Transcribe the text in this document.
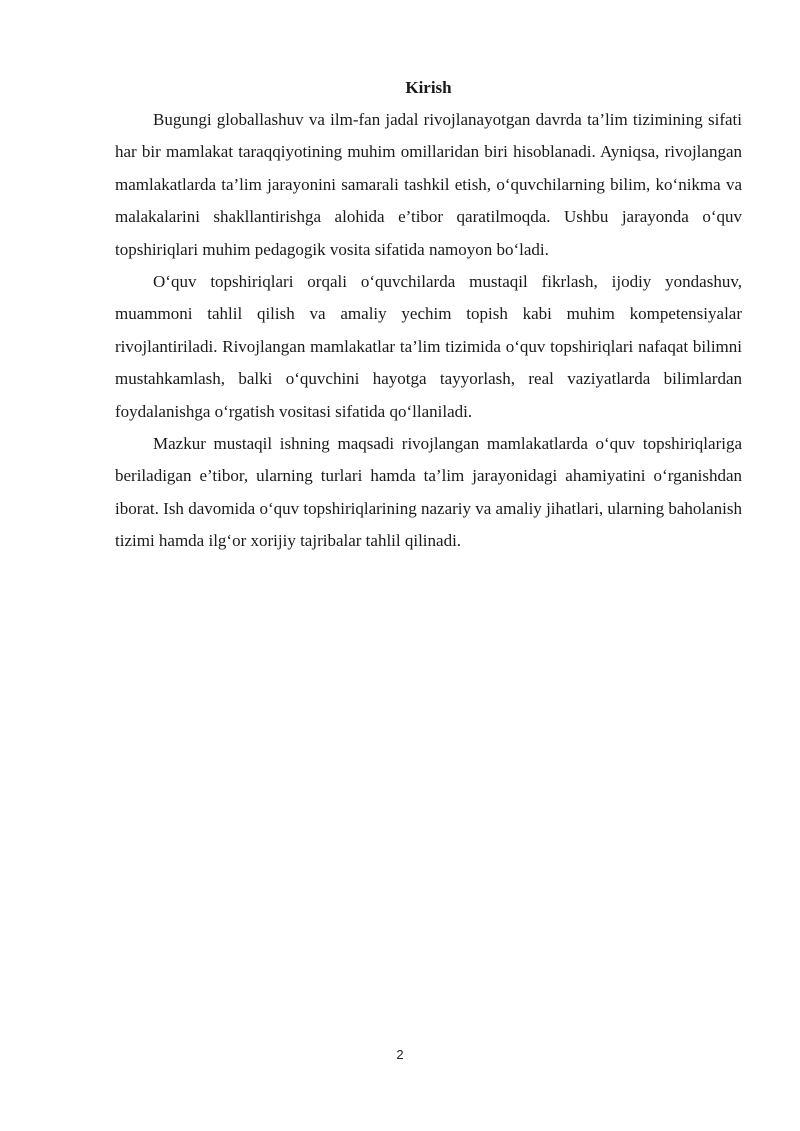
Kirish

Bugungi globallashuv va ilm-fan jadal rivojlanayotgan davrda ta’lim tizimining sifati har bir mamlakat taraqqiyotining muhim omillaridan biri hisoblanadi. Ayniqsa, rivojlangan mamlakatlarda ta’lim jarayonini samarali tashkil etish, o‘quvchilarning bilim, ko‘nikma va malakalarini shakllantirishga alohida e’tibor qaratilmoqda. Ushbu jarayonda o‘quv topshiriqlari muhim pedagogik vosita sifatida namoyon bo‘ladi.

O‘quv topshiriqlari orqali o‘quvchilarda mustaqil fikrlash, ijodiy yondashuv, muammoni tahlil qilish va amaliy yechim topish kabi muhim kompetensiyalar rivojlantiriladi. Rivojlangan mamlakatlar ta’lim tizimida o‘quv topshiriqlari nafaqat bilimni mustahkamlash, balki o‘quvchini hayotga tayyorlash, real vaziyatlarda bilimlardan foydalanishga o‘rgatish vositasi sifatida qo‘llaniladi.

Mazkur mustaqil ishning maqsadi rivojlangan mamlakatlarda o‘quv topshiriqlariga beriladigan e’tibor, ularning turlari hamda ta’lim jarayonidagi ahamiyatini o‘rganishdan iborat. Ish davomida o‘quv topshiriqlarining nazariy va amaliy jihatlari, ularning baholanish tizimi hamda ilg‘or xorijiy tajribalar tahlil qilinadi.

2
